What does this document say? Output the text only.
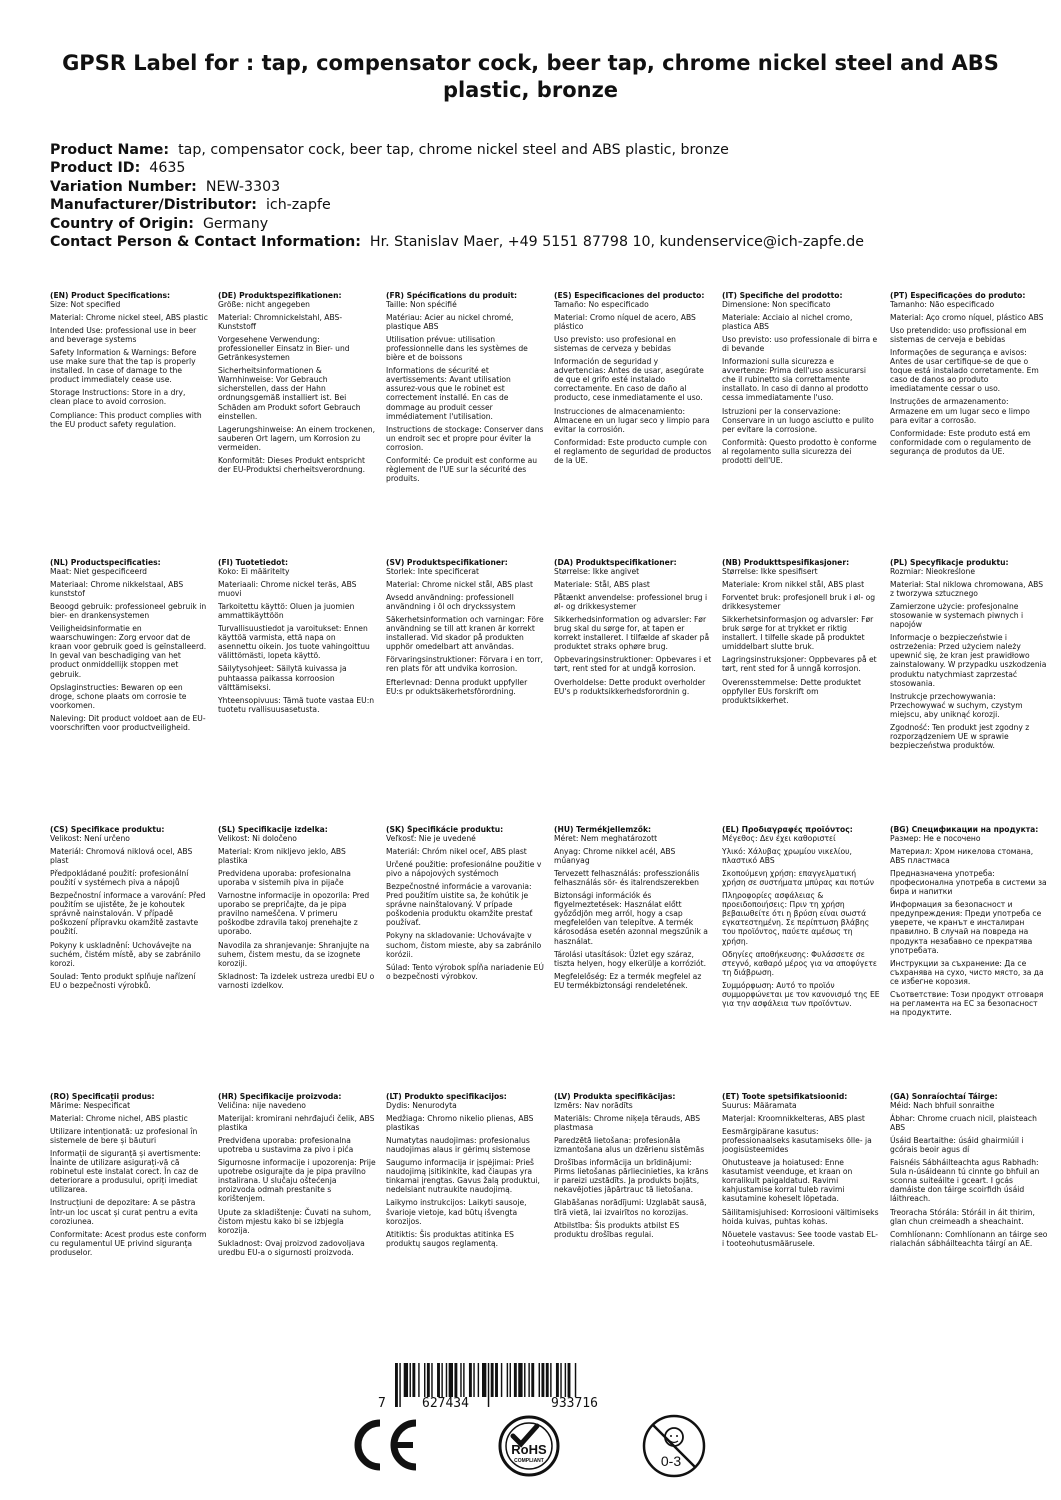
GPSR Label for : tap, compensator cock, beer tap, chrome nickel steel and ABS plastic, bronze
Product Name: tap, compensator cock, beer tap, chrome nickel steel and ABS plastic, bronze
Product ID: 4635
Variation Number: NEW-3303
Manufacturer/Distributor: ich-zapfe
Country of Origin: Germany
Contact Person & Contact Information: Hr. Stanislav Maer, +49 5151 87798 10, kundenservice@ich-zapfe.de
(EN) Product Specifications:

Size: Not specified

Material: Chrome nickel steel, ABS plastic

Intended Use: professional use in beer and beverage systems

Safety Information & Warnings: Before use make sure that the tap is properly installed. In case of damage to the product immediately cease use.

Storage Instructions: Store in a dry, clean place to avoid corrosion.

Compliance: This product complies with the EU product safety regulation.

(DE) Produktspezifikationen:

Größe: nicht angegeben

Material: Chromnickelstahl, ABS-Kunststoff

Vorgesehene Verwendung: professioneller Einsatz in Bier- und Getränkesystemen

Sicherheitsinformationen & Warnhinweise: Vor Gebrauch sicherstellen, dass der Hahn ordnungsgemäß installiert ist. Bei Schäden am Produkt sofort Gebrauch einstellen.

Lagerungshinweise: An einem trockenen, sauberen Ort lagern, um Korrosion zu vermeiden.

Konformität: Dieses Produkt entspricht der EU-Produktsi cherheitsverordnung.

(FR) Spécifications du produit:

Taille: Non spécifié

Matériau: Acier au nickel chromé, plastique ABS

Utilisation prévue: utilisation professionnelle dans les systèmes de bière et de boissons

Informations de sécurité et avertissements: Avant utilisation assurez-vous que le robinet est correctement installé. En cas de dommage au produit cesser immédiatement l'utilisation.

Instructions de stockage: Conserver dans un endroit sec et propre pour éviter la corrosion.

Conformité: Ce produit est conforme au règlement de l'UE sur la sécurité des produits.

(ES) Especificaciones del producto:

Tamaño: No especificado

Material: Cromo níquel de acero, ABS plástico

Uso previsto: uso profesional en sistemas de cerveza y bebidas

Información de seguridad y advertencias: Antes de usar, asegúrate de que el grifo esté instalado correctamente. En caso de daño al producto, cese inmediatamente el uso.

Instrucciones de almacenamiento: Almacene en un lugar seco y limpio para evitar la corrosión.

Conformidad: Este producto cumple con el reglamento de seguridad de productos de la UE.

(IT) Specifiche del prodotto:

Dimensione: Non specificato

Materiale: Acciaio al nichel cromo, plastica ABS

Uso previsto: uso professionale di birra e di bevande

Informazioni sulla sicurezza e avvertenze: Prima dell'uso assicurarsi che il rubinetto sia correttamente installato. In caso di danno al prodotto cessa immediatamente l'uso.

Istruzioni per la conservazione: Conservare in un luogo asciutto e pulito per evitare la corrosione.

Conformità: Questo prodotto è conforme al regolamento sulla sicurezza dei prodotti dell'UE.

(PT) Especificações do produto:

Tamanho: Não especificado

Material: Aço cromo níquel, plástico ABS

Uso pretendido: uso profissional em sistemas de cerveja e bebidas

Informações de segurança e avisos: Antes de usar certifique-se de que o toque está instalado corretamente. Em caso de danos ao produto imediatamente cessar o uso.

Instruções de armazenamento: Armazene em um lugar seco e limpo para evitar a corrosão.

Conformidade: Este produto está em conformidade com o regulamento de segurança de produtos da UE.

(NL) Productspecificaties:

Maat: Niet gespecificeerd

Materiaal: Chrome nikkelstaal, ABS kunststof

Beoogd gebruik: professioneel gebruik in bier- en drankensystemen

Veiligheidsinformatie en waarschuwingen: Zorg ervoor dat de kraan voor gebruik goed is geïnstalleerd. In geval van beschadiging van het product onmiddellijk stoppen met gebruik.

Opslaginstructies: Bewaren op een droge, schone plaats om corrosie te voorkomen.

Naleving: Dit product voldoet aan de EU-voorschriften voor productveiligheid.

(FI) Tuotetiedot:

Koko: Ei määritelty

Materiaali: Chrome nickel teräs, ABS muovi

Tarkoitettu käyttö: Oluen ja juomien ammattikäyttöön

Turvallisuustiedot ja varoitukset: Ennen käyttöä varmista, että napa on asennettu oikein. Jos tuote vahingoittuu välittömästi, lopeta käyttö.

Säilytysohjeet: Säilytä kuivassa ja puhtaassa paikassa korroosion välttämiseksi.

Yhteensopivuus: Tämä tuote vastaa EU:n tuotetu rvallisuusasetusta.

(SV) Produktspecifikationer:

Storlek: Inte specificerat

Material: Chrome nickel stål, ABS plast

Avsedd användning: professionell användning i öl och dryckssystem

Säkerhetsinformation och varningar: Före användning se till att kranen är korrekt installerad. Vid skador på produkten upphör omedelbart att användas.

Förvaringsinstruktioner: Förvara i en torr, ren plats för att undvika korrosion.

Efterlevnad: Denna produkt uppfyller EU:s pr oduktsäkerhetsförordning.

(DA) Produktspecifikationer:

Størrelse: Ikke angivet

Materiale: Stål, ABS plast

Påtænkt anvendelse: professionel brug i øl- og drikkesystemer

Sikkerhedsinformation og advarsler: Før brug skal du sørge for, at tapen er korrekt installeret. I tilfælde af skader på produktet straks ophøre brug.

Opbevaringsinstruktioner: Opbevares i et tørt, rent sted for at undgå korrosion.

Overholdelse: Dette produkt overholder EU's p roduktsikkerhedsforordnin g.

(NB) Produkttspesifikasjoner:

Størrelse: Ikke spesifisert

Materiale: Krom nikkel stål, ABS plast

Forventet bruk: profesjonell bruk i øl- og drikkesystemer

Sikkerhetsinformasjon og advarsler: Før bruk sørge for at trykket er riktig installert. I tilfelle skade på produktet umiddelbart slutte bruk.

Lagringsinstruksjoner: Oppbevares på et tørt, rent sted for å unngå korrosjon.

Overensstemmelse: Dette produktet oppfyller EUs forskrift om produktsikkerhet.

(PL) Specyfikacje produktu:

Rozmiar: Nieokreślone

Materiał: Stal niklowa chromowana, ABS z tworzywa sztucznego

Zamierzone użycie: profesjonalne stosowanie w systemach piwnych i napojów

Informacje o bezpieczeństwie i ostrzeżenia: Przed użyciem należy upewnić się, że kran jest prawidłowo zainstalowany. W przypadku uszkodzenia produktu natychmiast zaprzestać stosowania.

Instrukcje przechowywania: Przechowywać w suchym, czystym miejscu, aby uniknąć korozji.

Zgodność: Ten produkt jest zgodny z rozporządzeniem UE w sprawie bezpieczeństwa produktów.

(CS) Specifikace produktu:

Velikost: Není určeno

Materiál: Chromová niklová ocel, ABS plast

Předpokládané použití: profesionální použití v systémech piva a nápojů

Bezpečnostní informace a varování: Před použitím se ujistěte, že je kohoutek správně nainstalován. V případě poškození přípravku okamžitě zastavte použití.

Pokyny k uskladnění: Uchovávejte na suchém, čistém místě, aby se zabránilo korozi.

Soulad: Tento produkt splňuje nařízení EU o bezpečnosti výrobků.

(SL) Specifikacije izdelka:

Velikost: Ni določeno

Material: Krom nikljevo jeklo, ABS plastika

Predvidena uporaba: profesionalna uporaba v sistemih piva in pijače

Varnostne informacije in opozorila: Pred uporabo se prepričajte, da je pipa pravilno nameščena. V primeru poškodbe zdravila takoj prenehajte z uporabo.

Navodila za shranjevanje: Shranjujte na suhem, čistem mestu, da se izognete koroziji.

Skladnost: Ta izdelek ustreza uredbi EU o varnosti izdelkov.

(SK) Špecifikácie produktu:

Veľkosť: Nie je uvedené

Materiál: Chróm nikel oceľ, ABS plast

Určené použitie: profesionálne použitie v pivo a nápojových systémoch

Bezpečnostné informácie a varovania: Pred použitím uistite sa, že kohútik je správne nainštalovaný. V prípade poškodenia produktu okamžite prestať používať.

Pokyny na skladovanie: Uchovávajte v suchom, čistom mieste, aby sa zabránilo korózii.

Súlad: Tento výrobok spĺňa nariadenie EÚ o bezpečnosti výrobkov.

(HU) Termékjellemzők:

Méret: Nem meghatározott

Anyag: Chrome nikkel acél, ABS műanyag

Tervezett felhasználás: professzionális felhasználás sör- és italrendszerekben

Biztonsági információk és figyelmeztetések: Használat előtt győződjön meg arról, hogy a csap megfelelően van telepítve. A termék károsodása esetén azonnal megszűnik a használat.

Tárolási utasítások: Üzlet egy száraz, tiszta helyen, hogy elkerülje a korróziót.

Megfelelőség: Ez a termék megfelel az EU termékbiztonsági rendeletének.

(EL) Προδιαγραφές προϊόντος:

Μέγεθος: Δεν έχει καθοριστεί

Υλικό: Χάλυβας χρωμίου νικελίου, πλαστικό ABS

Σκοπούμενη χρήση: επαγγελματική χρήση σε συστήματα μπύρας και ποτών

Πληροφορίες ασφάλειας & προειδοποιήσεις: Πριν τη χρήση βεβαιωθείτε ότι η βρύση είναι σωστά εγκατεστημένη. Σε περίπτωση βλάβης του προϊόντος, παύετε αμέσως τη χρήση.

Οδηγίες αποθήκευσης: Φυλάσσετε σε στεγνό, καθαρό μέρος για να αποφύγετε τη διάβρωση.

Συμμόρφωση: Αυτό το προϊόν συμμορφώνεται με τον κανονισμό της ΕΕ για την ασφάλεια των προϊόντων.

(BG) Спецификации на продукта:

Размер: Не е посочено

Материал: Хром никелова стомана, ABS пластмаса

Предназначена употреба: професионална употреба в системи за бира и напитки

Информация за безопасност и предупреждения: Преди употреба се уверете, че кранът е инсталиран правилно. В случай на повреда на продукта незабавно се прекратява употребата.

Инструкции за съхранение: Да се съхранява на сухо, чисто място, за да се избегне корозия.

Съответствие: Този продукт отговаря на регламента на ЕС за безопасност на продуктите.

(RO) Specificații produs:

Mărime: Nespecificat

Material: Chrome nichel, ABS plastic

Utilizare intenționată: uz profesional în sistemele de bere și băuturi

Informații de siguranță și avertismente: Înainte de utilizare asigurați-vă că robinetul este instalat corect. În caz de deteriorare a produsului, opriți imediat utilizarea.

Instrucțiuni de depozitare: A se păstra într-un loc uscat și curat pentru a evita coroziunea.

Conformitate: Acest produs este conform cu regulamentul UE privind siguranța produselor.

(HR) Specifikacije proizvoda:

Veličina: nije navedeno

Materijal: kromirani nehrđajući čelik, ABS plastika

Predviđena uporaba: profesionalna upotreba u sustavima za pivo i pića

Sigurnosne informacije i upozorenja: Prije upotrebe osigurajte da je pipa pravilno instalirana. U slučaju oštećenja proizvoda odmah prestanite s korištenjem.

Upute za skladištenje: Čuvati na suhom, čistom mjestu kako bi se izbjegla korozija.

Sukladnost: Ovaj proizvod zadovoljava uredbu EU-a o sigurnosti proizvoda.

(LT) Produkto specifikacijos:

Dydis: Nenurodyta

Medžiaga: Chromo nikelio plienas, ABS plastikas

Numatytas naudojimas: profesionalus naudojimas alaus ir gėrimų sistemose

Saugumo informacija ir įspėjimai: Prieš naudojimą įsitikinkite, kad čiaupas yra tinkamai įrengtas. Gavus žalą produktui, nedelsiant nutraukite naudojimą.

Laikymo instrukcijos: Laikyti sausoje, švarioje vietoje, kad būtų išvengta korozijos.

Atitiktis: Šis produktas atitinka ES produktų saugos reglamentą.

(LV) Produkta specifikācijas:

Izmērs: Nav norādīts

Materiāls: Chrome niķeļa tērauds, ABS plastmasa

Paredzētā lietošana: profesionāla izmantošana alus un dzērienu sistēmās

Drošības informācija un brīdinājumi: Pirms lietošanas pārliecinieties, ka krāns ir pareizi uzstādīts. Ja produkts bojāts, nekavējoties jāpārtrauc tā lietošana.

Glabāšanas norādījumi: Uzglabāt sausā, tīrā vietā, lai izvairītos no korozijas.

Atbilstība: Šis produkts atbilst ES produktu drošības regulai.

(ET) Toote spetsifikatsioonid:

Suurus: Määramata

Materjal: Kroomnikkelteras, ABS plast

Eesmärgipärane kasutus: professionaalseks kasutamiseks õlle- ja joogisüsteemides

Ohutusteave ja hoiatused: Enne kasutamist veenduge, et kraan on korralikult paigaldatud. Ravimi kahjustamise korral tuleb ravimi kasutamine koheselt lõpetada.

Säilitamisjuhised: Korrosiooni vältimiseks hoida kuivas, puhtas kohas.

Nõuetele vastavus: See toode vastab EL-i tooteohutusmäärusele.

(GA) Sonraíochtaí Táirge:

Méid: Nach bhfuil sonraithe

Ábhar: Chrome cruach nicil, plaisteach ABS

Úsáid Beartaithe: úsáid ghairmiúil i gcórais beoir agus dí

Faisnéis Sábháilteachta agus Rabhadh: Sula n-úsáideann tú cinnte go bhfuil an sconna suiteáilte i gceart. I gcás damáiste don táirge scoirfidh úsáid láithreach.

Treoracha Stórála: Stóráil in áit thirim, glan chun creimeadh a sheachaint.

Comhlíonann: Comhlíonann an táirge seo rialachán sábháilteachta táirgí an AE.

7	627434	933716
RoHS
COMPLIANT	0-3
